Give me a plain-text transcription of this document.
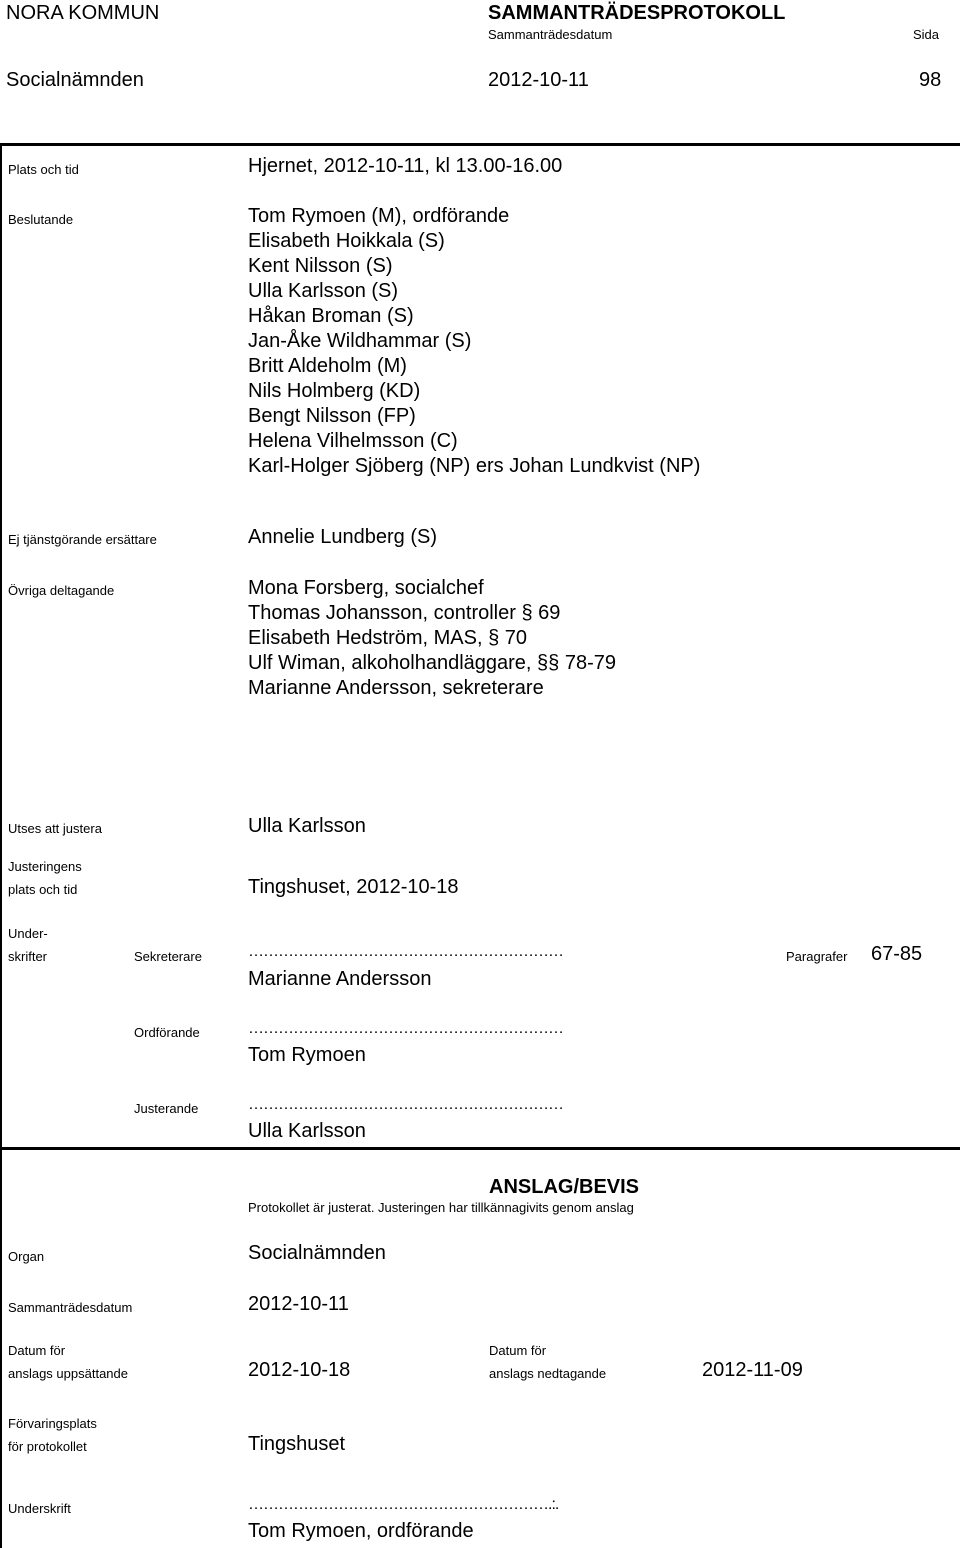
NORA KOMMUN	SAMMANTRÄDESPROTOKOLL
Sammanträdesdatum	Sida
Socialnämnden	2012-10-11	98
Plats och tid	Hjernet, 2012-10-11, kl 13.00-16.00
Beslutande	Tom Rymoen (M), ordförande
Elisabeth Hoikkala (S)
Kent Nilsson (S)
Ulla Karlsson (S)
Håkan Broman (S)
Jan-Åke Wildhammar (S)
Britt Aldeholm (M)
Nils Holmberg (KD)
Bengt Nilsson (FP)
Helena Vilhelmsson (C)
Karl-Holger Sjöberg (NP) ers Johan Lundkvist (NP)
Ej tjänstgörande ersättare	Annelie Lundberg (S)
Övriga deltagande	Mona Forsberg, socialchef
Thomas Johansson, controller § 69
Elisabeth Hedström, MAS, § 70
Ulf Wiman, alkoholhandläggare, §§ 78-79
Marianne Andersson, sekreterare
Utses att justera	Ulla Karlsson
Justeringens
plats och tid	Tingshuset, 2012-10-18
Under-
skrifter	Sekreterare	………………………………………………………
Marianne Andersson
Paragrafer 67-85
Ordförande	………………………………………………………
Tom Rymoen
Justerande	………………………………………………………
Ulla Karlsson
ANSLAG/BEVIS
Protokollet är justerat. Justeringen har tillkännagivits genom anslag
Organ	Socialnämnden
Sammanträdesdatum	2012-10-11
Datum för
anslags uppsättande	2012-10-18
Datum för
anslags nedtagande	2012-11-09
Förvaringsplats
för protokollet	Tingshuset
Underskrift	…………………………………………………….:.
Tom Rymoen, ordförande
